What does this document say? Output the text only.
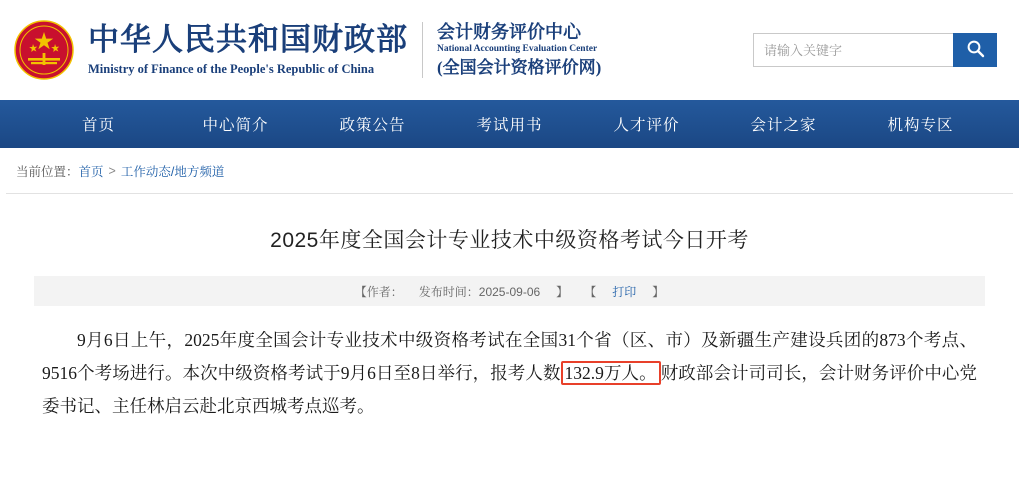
中华人民共和国财政部
Ministry of Finance of the People's Republic of China
会计财务评价中心
National Accounting Evaluation Center
(全国会计资格评价网)
请输入关键字
首页	中心简介	政策公告	考试用书	人才评价	会计之家	机构专区
当前位置： 首页 > 工作动态/地方频道
2025年度全国会计专业技术中级资格考试今日开考
【作者： 发布时间：2025-09-06 】 【 打印 】
9月6日上午，2025年度全国会计专业技术中级资格考试在全国31个省（区、市）及新疆生产建设兵团的873个考点、9516个考场进行。本次中级资格考试于9月6日至8日举行，报考人数 132.9万人。 财政部会计司司长，会计财务评价中心党委书记、主任林启云赴北京西城考点巡考。
